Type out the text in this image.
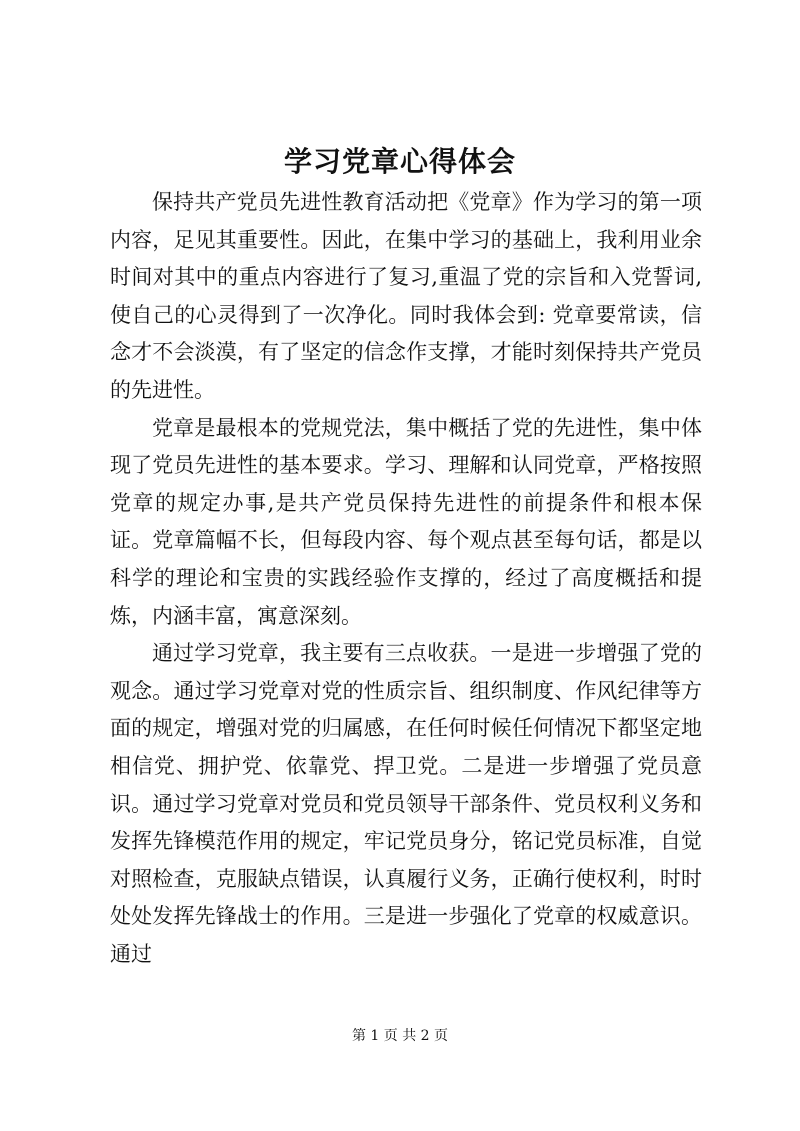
学习党章心得体会

保持共产党员先进性教育活动把《党章》作为学习的第一项内容，足见其重要性。因此，在集中学习的基础上，我利用业余时间对其中的重点内容进行了复习,重温了党的宗旨和入党誓词,使自己的心灵得到了一次净化。同时我体会到: 党章要常读，信念才不会淡漠，有了坚定的信念作支撑，才能时刻保持共产党员的先进性。

党章是最根本的党规党法，集中概括了党的先进性，集中体现了党员先进性的基本要求。学习、理解和认同党章，严格按照党章的规定办事,是共产党员保持先进性的前提条件和根本保证。党章篇幅不长，但每段内容、每个观点甚至每句话，都是以科学的理论和宝贵的实践经验作支撑的，经过了高度概括和提炼，内涵丰富，寓意深刻。

通过学习党章，我主要有三点收获。一是进一步增强了党的观念。通过学习党章对党的性质宗旨、组织制度、作风纪律等方面的规定，增强对党的归属感，在任何时候任何情况下都坚定地相信党、拥护党、依靠党、捍卫党。二是进一步增强了党员意识。通过学习党章对党员和党员领导干部条件、党员权利义务和发挥先锋模范作用的规定，牢记党员身分，铭记党员标准，自觉对照检查，克服缺点错误，认真履行义务，正确行使权利，时时处处发挥先锋战士的作用。三是进一步强化了党章的权威意识。通过

第 1 页 共 2 页
